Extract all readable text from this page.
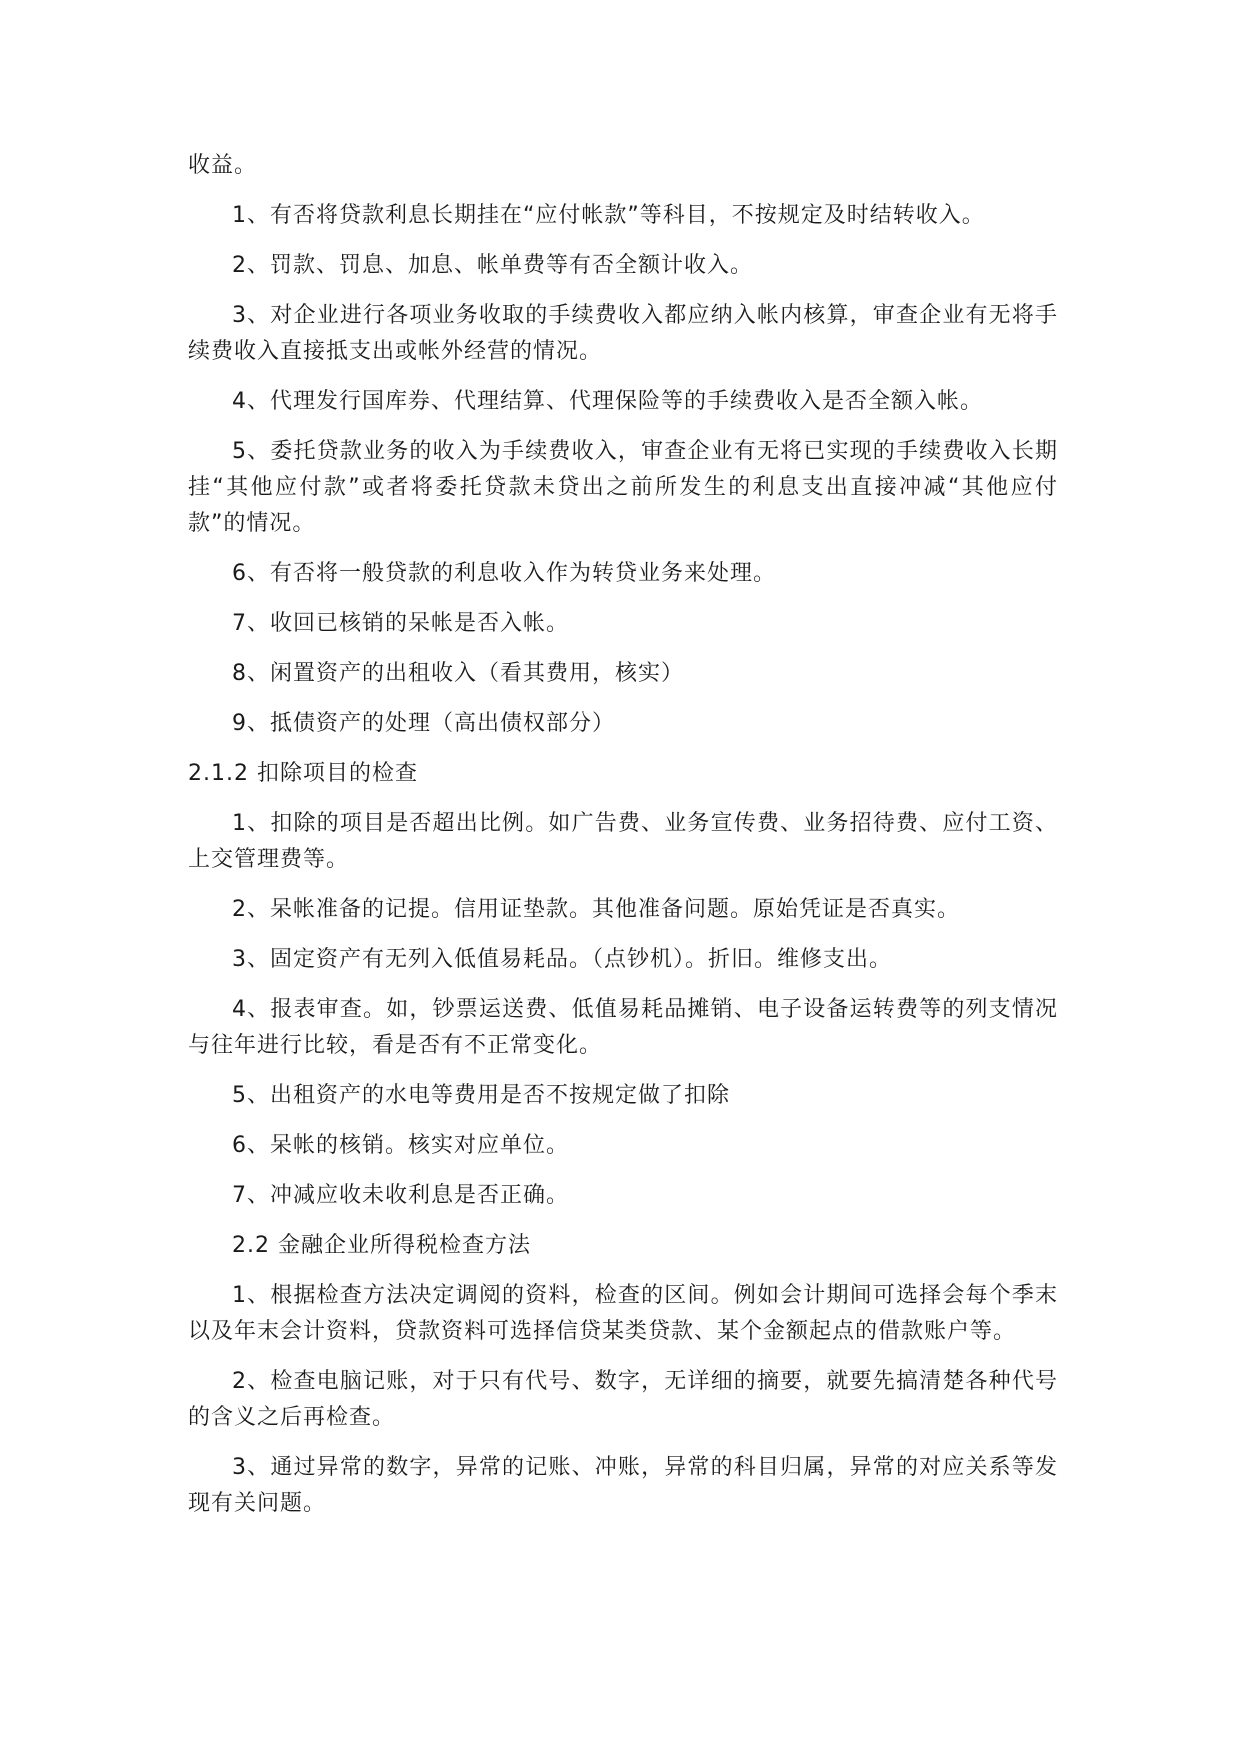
收益。

1、有否将贷款利息长期挂在“应付帐款”等科目，不按规定及时结转收入。

2、罚款、罚息、加息、帐单费等有否全额计收入。

3、对企业进行各项业务收取的手续费收入都应纳入帐内核算，审查企业有无将手续费收入直接抵支出或帐外经营的情况。

4、代理发行国库券、代理结算、代理保险等的手续费收入是否全额入帐。

5、委托贷款业务的收入为手续费收入，审查企业有无将已实现的手续费收入长期挂“其他应付款”或者将委托贷款未贷出之前所发生的利息支出直接冲减“其他应付款”的情况。

6、有否将一般贷款的利息收入作为转贷业务来处理。

7、收回已核销的呆帐是否入帐。

8、闲置资产的出租收入（看其费用，核实）

9、抵债资产的处理（高出债权部分）

2.1.2 扣除项目的检查

1、扣除的项目是否超出比例。如广告费、业务宣传费、业务招待费、应付工资、上交管理费等。

2、呆帐准备的记提。信用证垫款。其他准备问题。原始凭证是否真实。

3、固定资产有无列入低值易耗品。（点钞机）。折旧。维修支出。

4、报表审查。如，钞票运送费、低值易耗品摊销、电子设备运转费等的列支情况与往年进行比较，看是否有不正常变化。

5、出租资产的水电等费用是否不按规定做了扣除

6、呆帐的核销。核实对应单位。

7、冲减应收未收利息是否正确。

2.2 金融企业所得税检查方法

1、根据检查方法决定调阅的资料，检查的区间。例如会计期间可选择会每个季末以及年末会计资料，贷款资料可选择信贷某类贷款、某个金额起点的借款账户等。

2、检查电脑记账，对于只有代号、数字，无详细的摘要，就要先搞清楚各种代号的含义之后再检查。

3、通过异常的数字，异常的记账、冲账，异常的科目归属，异常的对应关系等发现有关问题。
